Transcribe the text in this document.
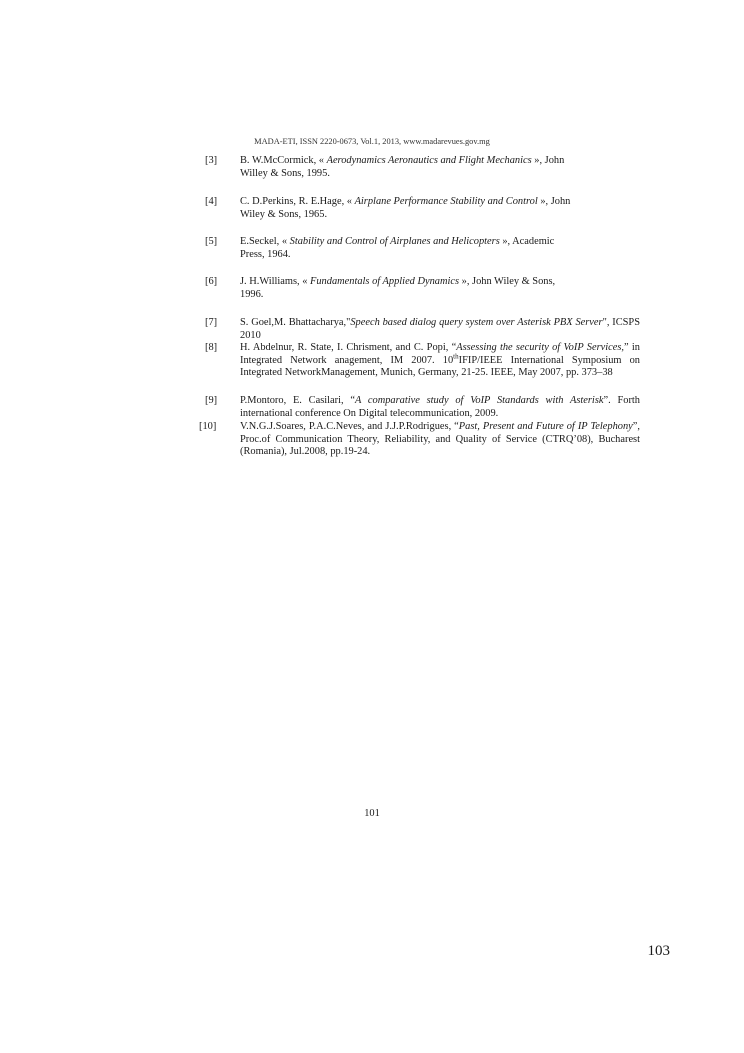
MADA-ETI, ISSN 2220-0673, Vol.1, 2013, www.madarevues.gov.mg
[3]	B. W.McCormick, « Aerodynamics Aeronautics and Flight Mechanics », John
Willey & Sons, 1995.
[4]	C. D.Perkins, R. E.Hage, « Airplane Performance Stability and Control », John
Wiley & Sons, 1965.
[5]	E.Seckel, « Stability and Control of Airplanes and Helicopters », Academic
Press, 1964.
[6]	J. H.Williams, « Fundamentals of Applied Dynamics », John Wiley & Sons,
1996.
[7]	S. Goel,M. Bhattacharya,"Speech based dialog query system over Asterisk PBX Server", ICSPS 2010
[8]	H. Abdelnur, R. State, I. Chrisment, and C. Popi, “Assessing the security of VoIP Services,” in Integrated Network anagement, IM 2007. 10thIFIP/IEEE International Symposium on Integrated NetworkManagement, Munich, Germany, 21-25. IEEE, May 2007, pp. 373–38
[9]	P.Montoro, E. Casilari, “A comparative study of VoIP Standards with Asterisk”. Forth international conference On Digital telecommunication, 2009.
[10]	V.N.G.J.Soares, P.A.C.Neves, and J.J.P.Rodrigues, “Past, Present and Future of IP Telephony”, Proc.of Communication Theory, Reliability, and Quality of Service (CTRQ’08), Bucharest (Romania), Jul.2008, pp.19-24.
101
103
